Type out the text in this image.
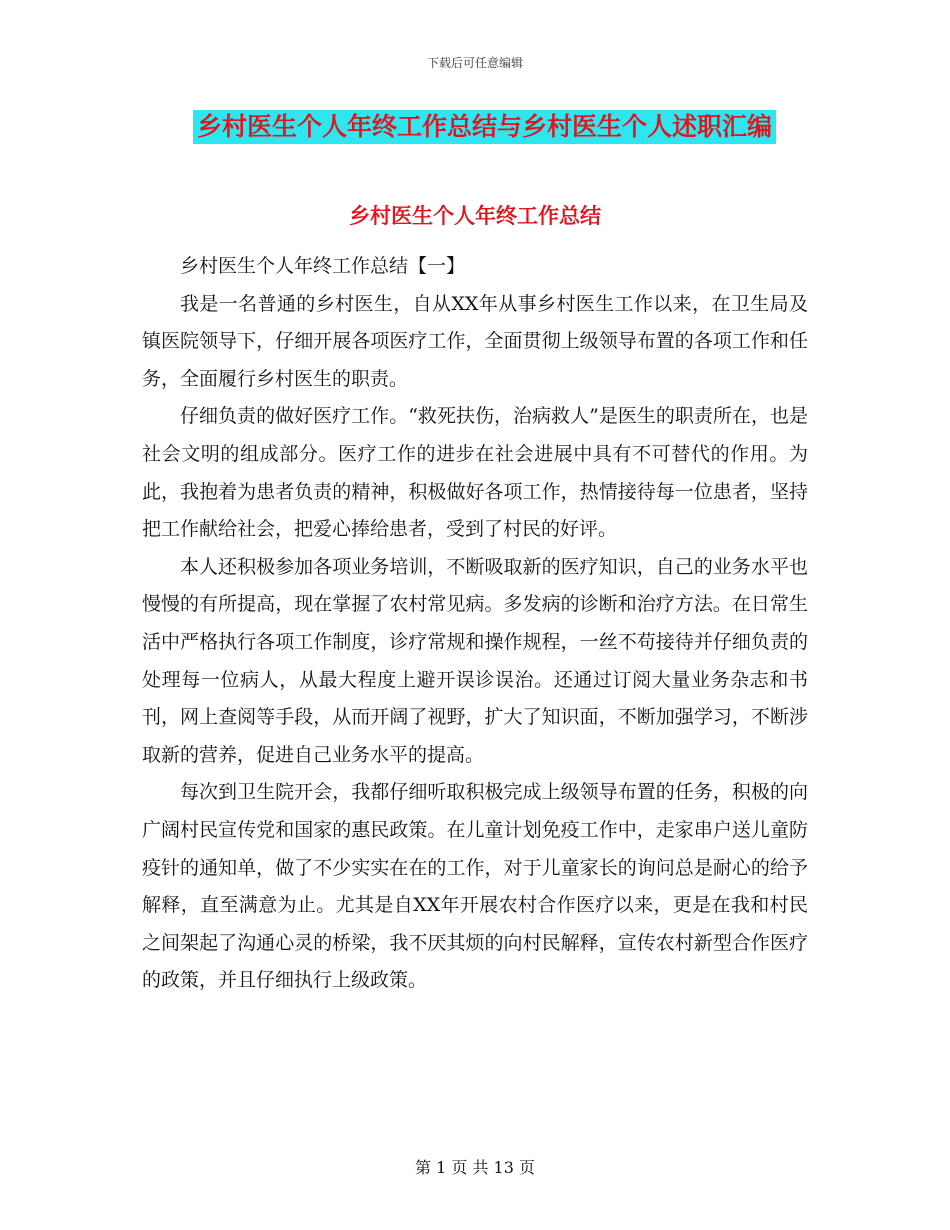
下载后可任意编辑
乡村医生个人年终工作总结与乡村医生个人述职汇编
乡村医生个人年终工作总结

乡村医生个人年终工作总结【一】

我是一名普通的乡村医生，自从XX年从事乡村医生工作以来，在卫生局及镇医院领导下，仔细开展各项医疗工作，全面贯彻上级领导布置的各项工作和任务，全面履行乡村医生的职责。

仔细负责的做好医疗工作。“救死扶伤，治病救人”是医生的职责所在，也是社会文明的组成部分。医疗工作的进步在社会进展中具有不可替代的作用。为此，我抱着为患者负责的精神，积极做好各项工作，热情接待每一位患者，坚持把工作献给社会，把爱心捧给患者，受到了村民的好评。

本人还积极参加各项业务培训，不断吸取新的医疗知识，自己的业务水平也慢慢的有所提高，现在掌握了农村常见病。多发病的诊断和治疗方法。在日常生活中严格执行各项工作制度，诊疗常规和操作规程，一丝不苟接待并仔细负责的处理每一位病人，从最大程度上避开误诊误治。还通过订阅大量业务杂志和书刊，网上查阅等手段，从而开阔了视野，扩大了知识面，不断加强学习，不断涉取新的营养，促进自己业务水平的提高。

每次到卫生院开会，我都仔细听取积极完成上级领导布置的任务，积极的向广阔村民宣传党和国家的惠民政策。在儿童计划免疫工作中，走家串户送儿童防疫针的通知单，做了不少实实在在的工作，对于儿童家长的询问总是耐心的给予解释，直至满意为止。尤其是自XX年开展农村合作医疗以来，更是在我和村民之间架起了沟通心灵的桥梁，我不厌其烦的向村民解释，宣传农村新型合作医疗的政策，并且仔细执行上级政策。

第 1 页 共 13 页
